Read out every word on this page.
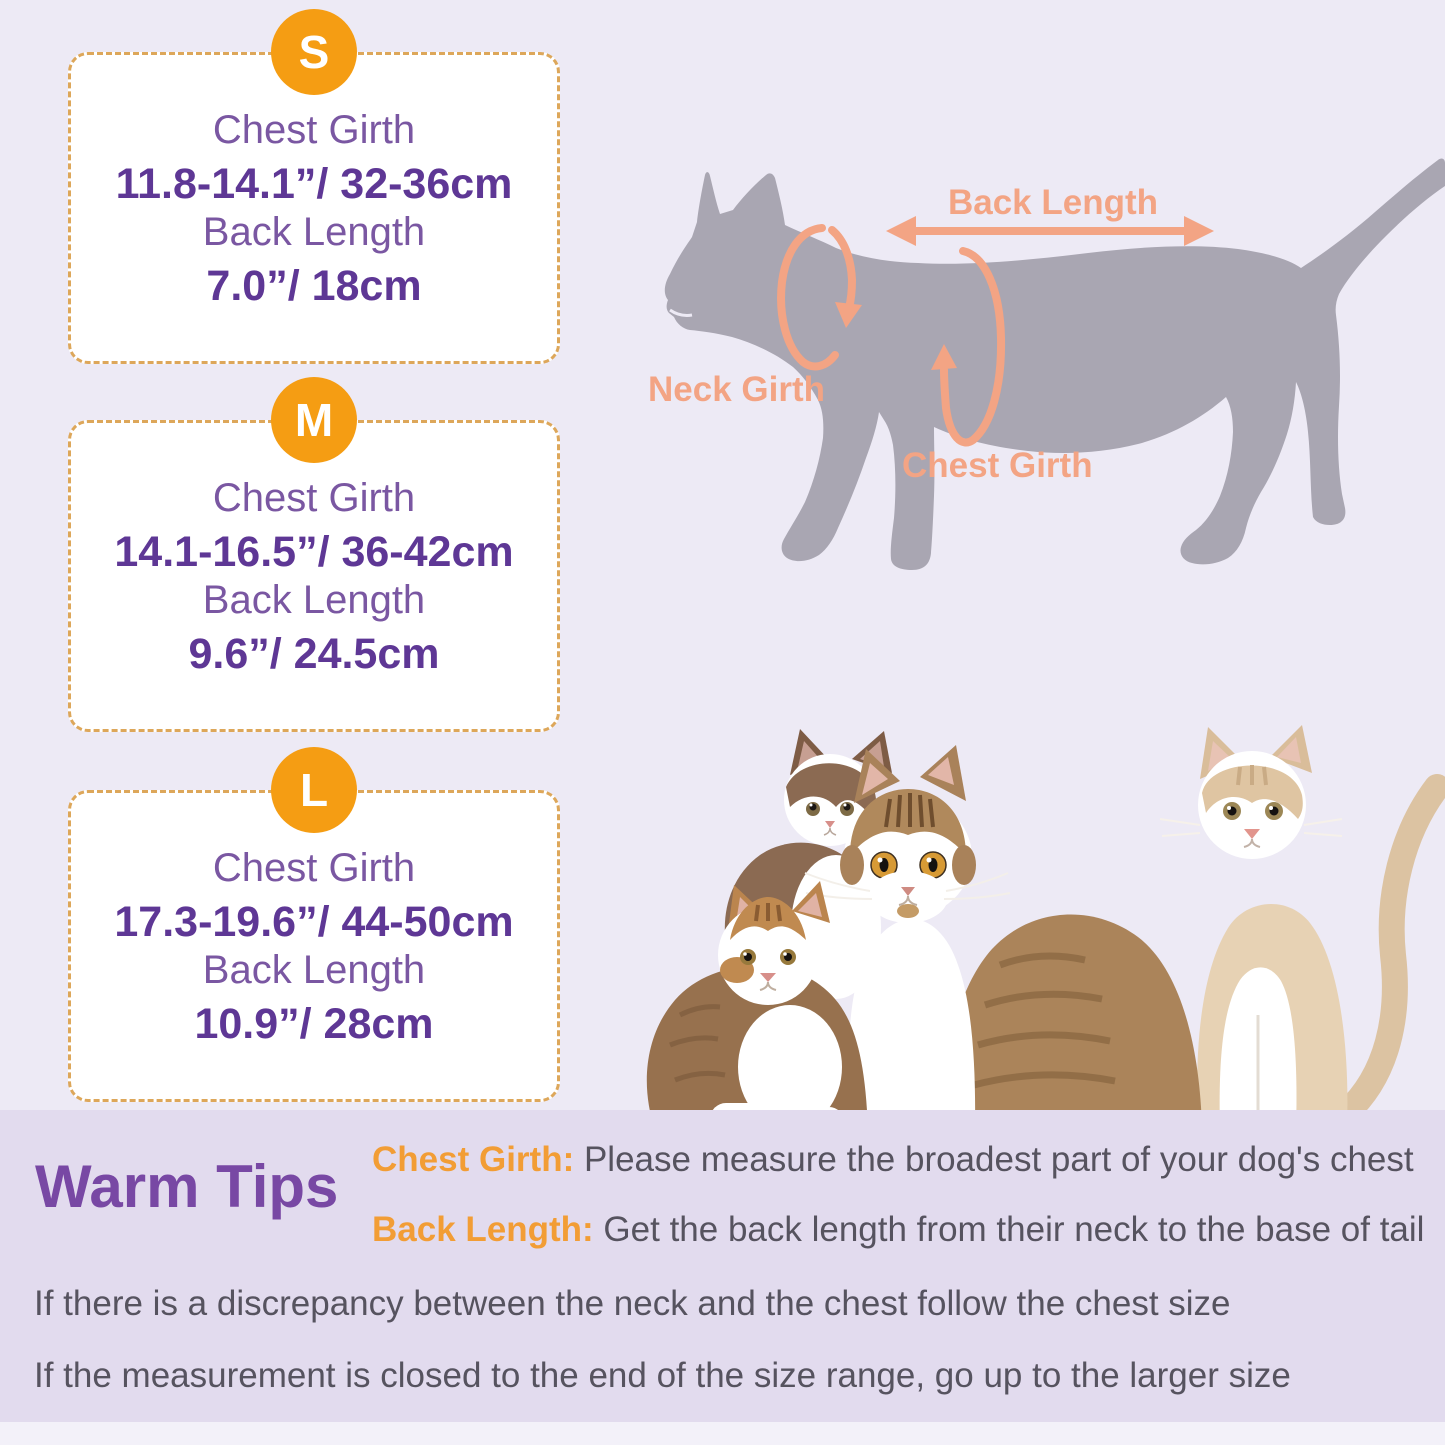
S
Chest Girth
11.8-14.1”/ 32-36cm
Back Length
7.0”/ 18cm
M
Chest Girth
14.1-16.5”/ 36-42cm
Back Length
9.6”/ 24.5cm
L
Chest Girth
17.3-19.6”/ 44-50cm
Back Length
10.9”/ 28cm
Back Length
Neck Girth
Chest Girth
Warm Tips Chest Girth: Please measure the broadest part of your dog's chest
Back Length: Get the back length from their neck to the base of tail
If there is a discrepancy between the neck and the chest follow the chest size
If the measurement is closed to the end of the size range, go up to the larger size
